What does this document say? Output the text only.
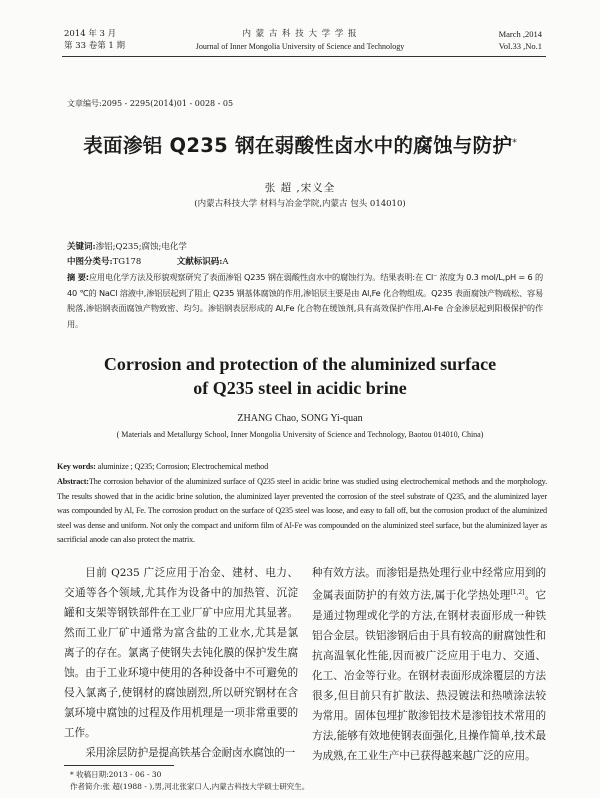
2014 年 3 月
第 33 卷第 1 期
内 蒙 古 科 技 大 学 学 报
Journal of Inner Mongolia University of Science and Technology
March ,2014
Vol.33 ,No.1
文章编号:2095 - 2295(2014)01 - 0028 - 05
表面渗铝 Q235 钢在弱酸性卤水中的腐蚀与防护*
张 超 ,宋义全
(内蒙古科技大学 材料与冶金学院,内蒙古 包头 014010)
关键词:渗铝;Q235;腐蚀;电化学
中图分类号:TG178	文献标识码:A
摘 要:应用电化学方法及形貌观察研究了表面渗铝 Q235 钢在弱酸性卤水中的腐蚀行为。结果表明:在 Cl⁻ 浓度为 0.3 mol/L,pH = 6 的 40 ℃的 NaCl 溶液中,渗铝层起到了阻止 Q235 钢基体腐蚀的作用,渗铝层主要是由 Al,Fe 化合物组成。Q235 表面腐蚀产物疏松、容易脱落,渗铝钢表面腐蚀产物致密、均匀。渗铝钢表层形成的 Al,Fe 化合物在缓蚀剂,具有高效保护作用,Al-Fe 合金渗层起到阳极保护的作用。
Corrosion and protection of the aluminized surface
of Q235 steel in acidic brine
ZHANG Chao, SONG Yi-quan
( Materials and Metallurgy School, Inner Mongolia University of Science and Technology, Baotou 014010, China)
Key words: aluminize ; Q235; Corrosion; Electrochemical method
Abstract:The corrosion behavior of the aluminized surface of Q235 steel in acidic brine was studied using electrochemical methods and the morphology. The results showed that in the acidic brine solution, the aluminized layer prevented the corrosion of the steel substrate of Q235, and the aluminized layer was compounded by Al, Fe. The corrosion product on the surface of Q235 steel was loose, and easy to fall off, but the corrosion product of the aluminized steel was dense and uniform. Not only the compact and uniform film of Al-Fe was compounded on the aluminized steel surface, but the aluminized layer as sacrificial anode can also protect the matrix.
目前 Q235 广泛应用于冶金、建材、电力、交通等各个领域,尤其作为设备中的加热管、沉淀罐和支架等钢铁部件在工业厂矿中应用尤其显著。然而工业厂矿中通常为富含盐的工业水,尤其是氯离子的存在。氯离子使钢失去钝化膜的保护发生腐蚀。由于工业环境中使用的各种设备中不可避免的侵入氯离子,使钢材的腐蚀剧烈,所以研究钢材在含氯环境中腐蚀的过程及作用机理是一项非常重要的工作。
采用涂层防护是提高铁基合金耐卤水腐蚀的一
种有效方法。而渗铝是热处理行业中经常应用到的金属表面防护的有效方法,属于化学热处理[1,2]。它是通过物理或化学的方法,在钢材表面形成一种铁铝合金层。铁铝渗钢后由于具有较高的耐腐蚀性和抗高温氧化性能,因而被广泛应用于电力、交通、化工、冶金等行业。在钢材表面形成涂覆层的方法很多,但目前只有扩散法、热浸镀法和热喷涂法较为常用。固体包埋扩散渗铝技术是渗铝技术常用的方法,能够有效地使钢表面强化,且操作简单,技术最为成熟,在工业生产中已获得越来越广泛的应用。
* 收稿日期:2013 - 06 - 30
作者简介:张 超(1988 - ),男,河北张家口人,内蒙古科技大学硕士研究生。
